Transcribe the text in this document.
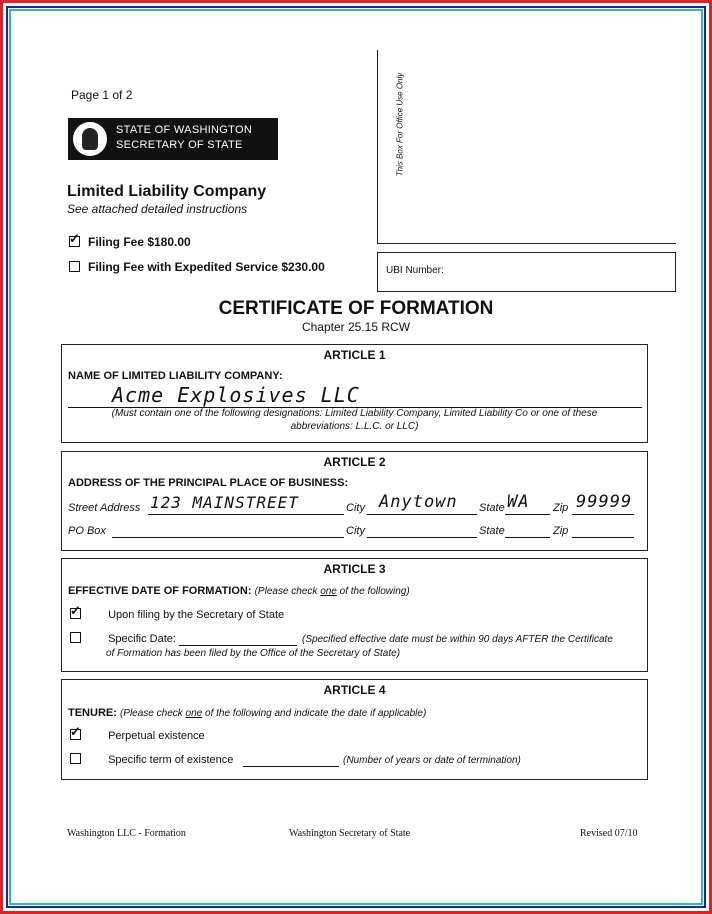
Page 1 of 2
STATE OF WASHINGTON
SECRETARY OF STATE
Limited Liability Company
See attached detailed instructions
✓Filing Fee $180.00
Filing Fee with Expedited Service $230.00
This Box For Office Use Only
UBI Number:
CERTIFICATE OF FORMATION
Chapter 25.15 RCW
ARTICLE 1
NAME OF LIMITED LIABILITY COMPANY:
Acme Explosives LLC
(Must contain one of the following designations: Limited Liability Company, Limited Liability Co or one of these
abbreviations: L.L.C. or LLC)
ARTICLE 2
ADDRESS OF THE PRINCIPAL PLACE OF BUSINESS:
Street Address 123 MAINSTREET	City Anytown State WA Zip 99999
PO Box	City	State	Zip
ARTICLE 3
EFFECTIVE DATE OF FORMATION: (Please check one of the following)
✓ Upon filing by the Secretary of State
Specific Date:	(Specified effective date must be within 90 days AFTER the Certificate
of Formation has been filed by the Office of the Secretary of State)
ARTICLE 4
TENURE: (Please check one of the following and indicate the date if applicable)
✓ Perpetual existence
Specific term of existence	(Number of years or date of termination)
Washington LLC - Formation	Washington Secretary of State	Revised 07/10
